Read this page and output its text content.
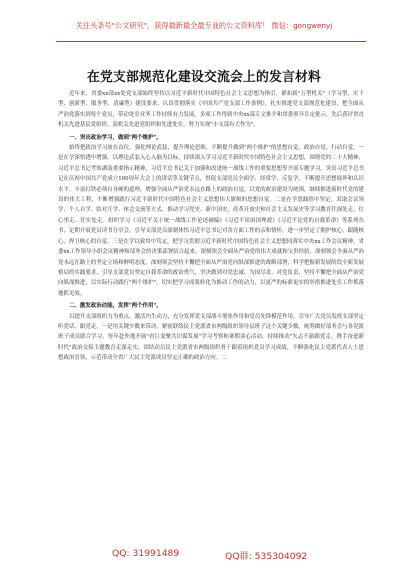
关注头条号"公文研究"，获得最新最全最专业的公文资料库！ 微信：gongwenyj
在党支部规范化建设交流会上的发言材料

近年来，省委xx部xx处党支部始终坚持以习近平新时代中国特色社会主义思想为指引，紧扣新"五型机关"（学习型、实干型、创新型、服务型、清廉型）建设要求，认真贯彻落实《中国共产党支部工作条例》，扎实推进党支部规范化建设，把全面从严治党落实到每个党员，带动处室业务工作持续有力发展，多项工作得到中央xx部专文推介和省委领导肯定批示，先后获评省直机关先进基层党组织、部机关先进党组织和先进处室，努力实现"小支部有大作为"。

一、突出政治学习，做到"两个维护"。

始终把政治学习放在首位，强化理论武装，提升理论思维，不断提升做到"两个维护"的思想自觉、政治自觉、行动自觉。一是在学深悟透中增强。以理论武装入心入脑为目标，持续深入学习习近平新时代中国特色社会主义思想，围绕党的二十大精神、习近平总书记考察湖南重要指示精神，习近平总书记关于加强和改进统一战线工作的重要思想等开展专题学习，突出习近平总书记在庆祝中国共产党成立100周年大会上的讲话等关键节点，督促支部党员全面学、经常学、反复学，不断提升思想境界和认识水平。丰富打铁必须自身硬的道理，增强全面从严治党永远在路上的政治自觉，以党的政治建设为统领，继续推进新时代党的建设的伟大工程，不断增强践行习近平新时代中国特色社会主义思想伟大旗帜的思想自觉。二是在学思践悟中坚定。采取会议领学、个人自学、结对互学、体会交流等方式，推动学习党史、新中国史、改革开放史和社会主义发展史等学习教育往深处走，往心里走、往实处走。组织学习《习近平关于统一战线工作论述摘编》《习近平谈治国理政》《习近平论党的自我革命》等系列丛书，定期开展党员读书分享会，引导支部党员深刻体悟习近平总书记对各方面工作的亲和情怀，进一步坚定了拥护核心、跟随核心、捍卫核心的自觉。三是在学以致用中笃定。把学习贯彻习近平新时代中国特色社会主义思想同落实中央xx工作会议精神，省委xx工作领导小组会议精神和部务会的决策部署结合起来，深刻领会全面从严治党的伟大成就和宝贵经验，深刻领会全面从严治党永远在路上的坚定立场和鲜明态度，深刻领会坚持不懈把全面从严治党向纵深推进的战略部署，科学把握新发展阶段全新发展格局的实践要求，引导支部党员坚定自我革命的政治勇气，坚决做到对党忠诚、为国尽责、对党负责，坚持不懈把全面从严治党向纵深推进，以实际行动践行"两个维护"，切实把学习成果转化为推动工作的动力，以更严的标准更实的举措推进处室工作抓落地抓见效。

二、激发政治动能，发挥"两个作用"。

以提升支部组织力为重点，激活内生动力，充分发挥党支部战斗堡垒作用和党员先锋模范作用，引导广大党员发挥支部坚定听党话、跟党走。一是用关键少数来带动。紧密联络民主党派省市两级组织领导层班子这个关键少数，统筹做好部务会与各党派班子成员联合学习，每年赴外地开展"看巨变聚共识谋发展"学习考察和暑期谈心活动，持续推动"矢志不渝跟党走、携手奋进新时代"政治交接主题教育走深走实，团结动员民主党派省市两级组织骨干跟着组织党员学习成绩，不断强化民主党派代表人士思想政治引领，示范带动全省广大民主党派成员坚定正确的政治方向。二

QQ: 31991489	QQ群: 535304092
